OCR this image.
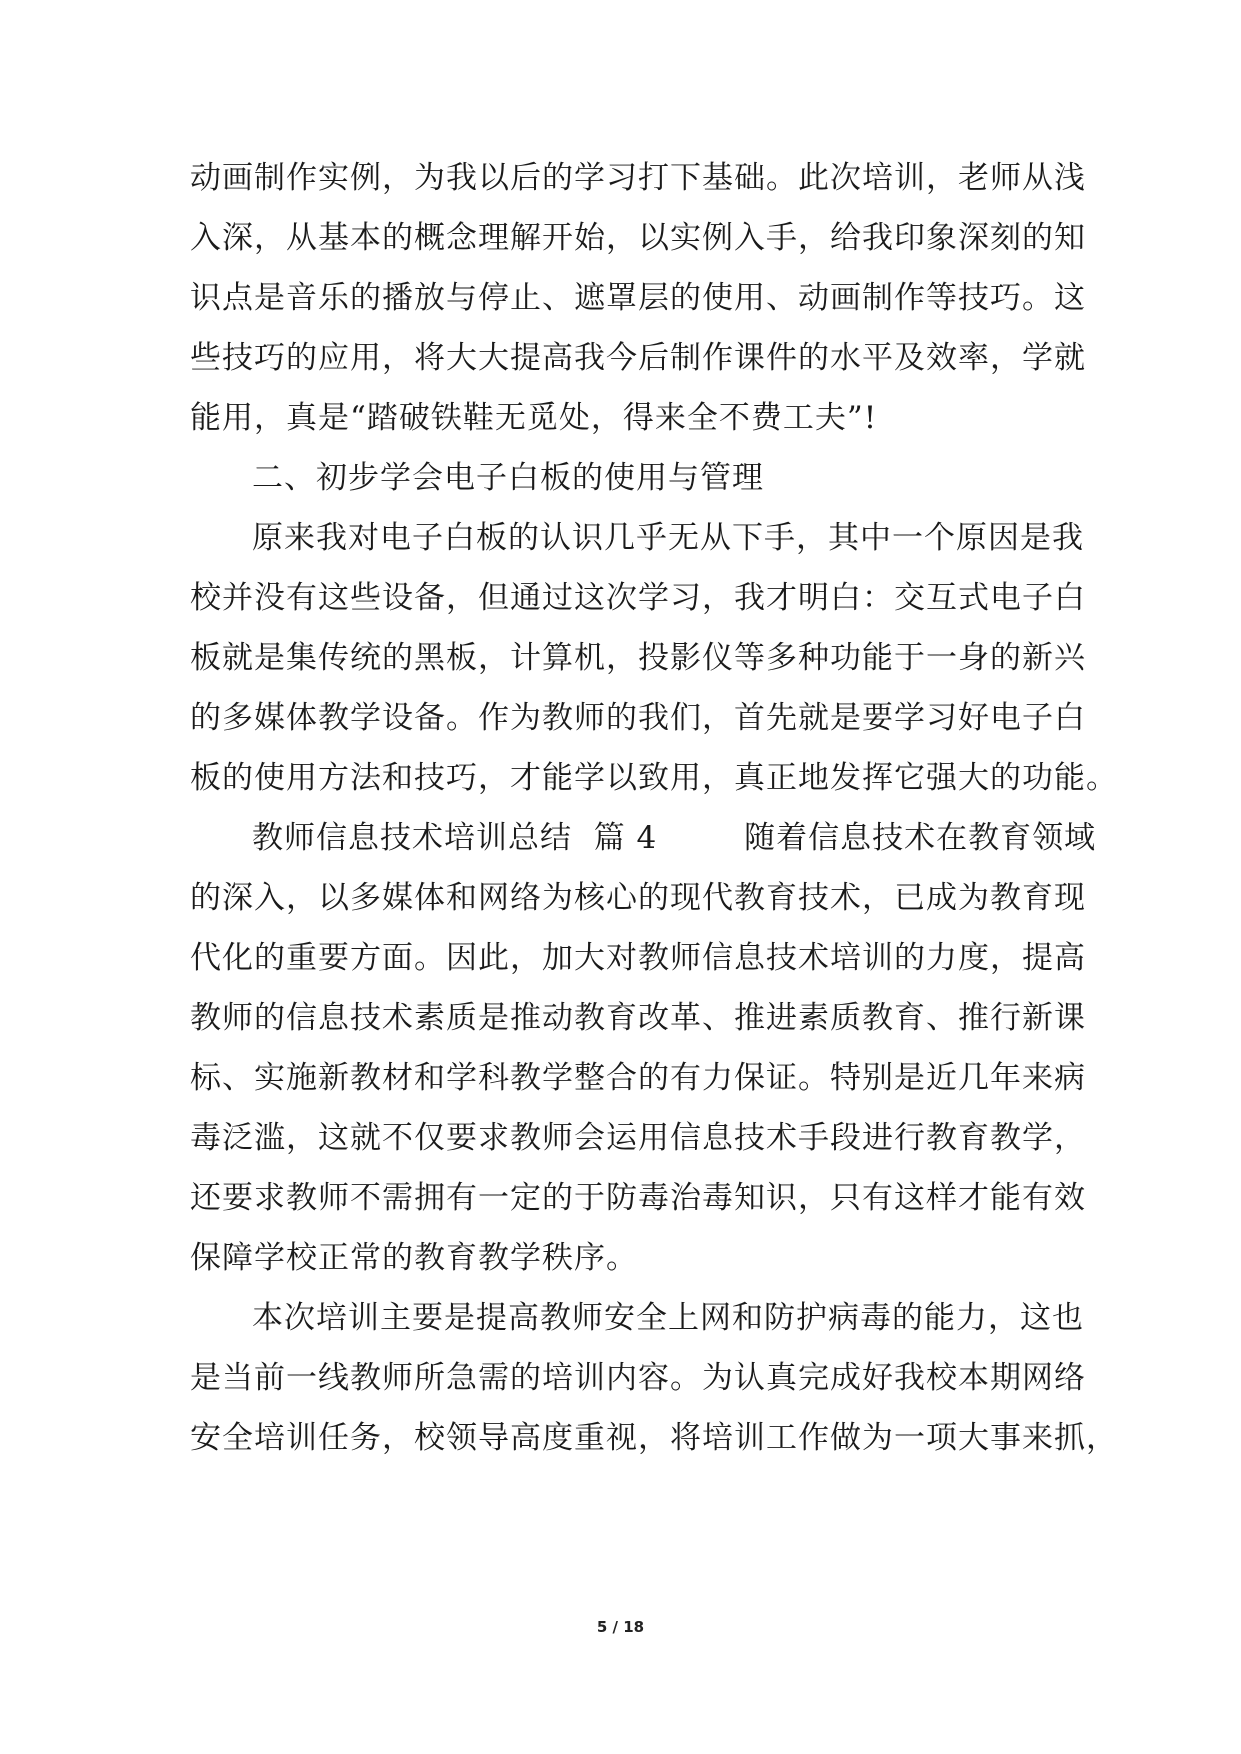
动画制作实例，为我以后的学习打下基础。此次培训，老师从浅
入深，从基本的概念理解开始，以实例入手，给我印象深刻的知
识点是音乐的播放与停止、遮罩层的使用、动画制作等技巧。这
些技巧的应用，将大大提高我今后制作课件的水平及效率，学就
能用，真是“踏破铁鞋无觅处，得来全不费工夫”!
二、初步学会电子白板的使用与管理
原来我对电子白板的认识几乎无从下手，其中一个原因是我
校并没有这些设备，但通过这次学习，我才明白：交互式电子白
板就是集传统的黑板，计算机，投影仪等多种功能于一身的新兴
的多媒体教学设备。作为教师的我们，首先就是要学习好电子白
板的使用方法和技巧，才能学以致用，真正地发挥它强大的功能。
教师信息技术培训总结  篇 4        随着信息技术在教育领域
的深入，以多媒体和网络为核心的现代教育技术，已成为教育现
代化的重要方面。因此，加大对教师信息技术培训的力度，提高
教师的信息技术素质是推动教育改革、推进素质教育、推行新课
标、实施新教材和学科教学整合的有力保证。特别是近几年来病
毒泛滥，这就不仅要求教师会运用信息技术手段进行教育教学，
还要求教师不需拥有一定的于防毒治毒知识，只有这样才能有效
保障学校正常的教育教学秩序。
本次培训主要是提高教师安全上网和防护病毒的能力，这也
是当前一线教师所急需的培训内容。为认真完成好我校本期网络
安全培训任务，校领导高度重视，将培训工作做为一项大事来抓，
5 / 18
